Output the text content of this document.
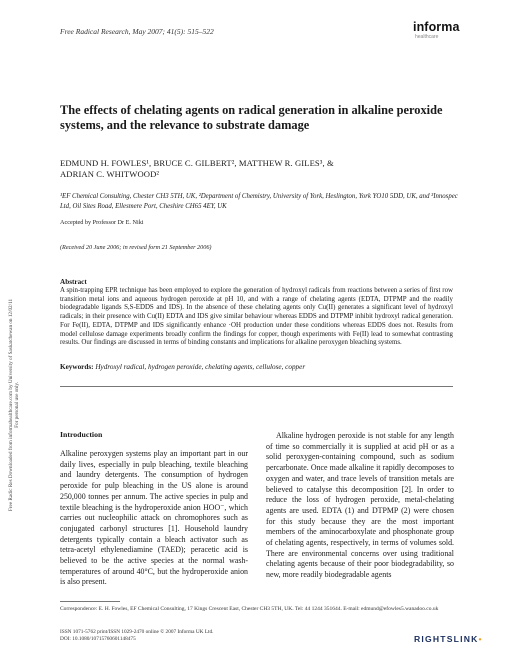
Free Radical Research, May 2007; 41(5): 515–522	informa
healthcare
The effects of chelating agents on radical generation in alkaline peroxide systems, and the relevance to substrate damage
EDMUND H. FOWLES¹, BRUCE C. GILBERT², MATTHEW R. GILES³, &
ADRIAN C. WHITWOOD²
¹EF Chemical Consulting, Chester CH3 5TH, UK, ²Department of Chemistry, University of York, Heslington, York YO10 5DD, UK, and ³Innospec Ltd, Oil Sites Road, Ellesmere Port, Cheshire CH65 4EY, UK
Accepted by Professor Dr E. Niki
(Received 20 June 2006; in revised form 21 September 2006)
Abstract
A spin-trapping EPR technique has been employed to explore the generation of hydroxyl radicals from reactions between a series of first row transition metal ions and aqueous hydrogen peroxide at pH 10, and with a range of chelating agents (EDTA, DTPMP and the readily biodegradable ligands S,S-EDDS and IDS). In the absence of these chelating agents only Cu(II) generates a significant level of hydroxyl radicals; in their presence with Cu(II) EDTA and IDS give similar behaviour whereas EDDS and DTPMP inhibit hydroxyl radical generation. For Fe(II), EDTA, DTPMP and IDS significantly enhance ·OH production under these conditions whereas EDDS does not. Results from model cellulose damage experiments broadly confirm the findings for copper, though experiments with Fe(II) lead to somewhat contrasting results. Our findings are discussed in terms of binding constants and implications for alkaline peroxygen bleaching systems.
Keywords: Hydroxyl radical, hydrogen peroxide, chelating agents, cellulose, copper
Introduction

Alkaline peroxygen systems play an important part in our daily lives, especially in pulp bleaching, textile bleaching and laundry detergents. The consumption of hydrogen peroxide for pulp bleaching in the US alone is around 250,000 tonnes per annum. The active species in pulp and textile bleaching is the hydroperoxide anion HOO⁻, which carries out nucleophilic attack on chromophores such as conjugated carbonyl structures [1]. Household laundry detergents typically contain a bleach activator such as tetra-acetyl ethylenediamine (TAED); peracetic acid is believed to be the active species at the normal wash-temperatures of around 40°C, but the hydroperoxide anion is also present.

Alkaline hydrogen peroxide is not stable for any length of time so commercially it is supplied at acid pH or as a solid peroxygen-containing compound, such as sodium percarbonate. Once made alkaline it rapidly decomposes to oxygen and water, and trace levels of transition metals are believed to catalyse this decomposition [2]. In order to reduce the loss of hydrogen peroxide, metal-chelating agents are used. EDTA (1) and DTPMP (2) were chosen for this study because they are the most important members of the aminocarboxylate and phosphonate group of chelating agents, respectively, in terms of volumes sold. There are environmental concerns over using traditional chelating agents because of their poor biodegradability, so new, more readily biodegradable agents

Correspondence: E. H. Fowles, EF Chemical Consulting, 17 Kings Crescent East, Chester CH3 5TH, UK. Tel: 44 1244 351644. E-mail: edmund@efowles5.wanadoo.co.uk
ISSN 1071-5762 print/ISSN 1029-2470 online © 2007 Informa UK Ltd.
DOI: 10.1080/10715760601148475	RIGHTSLINK•
Free Radic Res Downloaded from informahealthcare.com by University of Saskatchewan on 12/02/11 For personal use only.
